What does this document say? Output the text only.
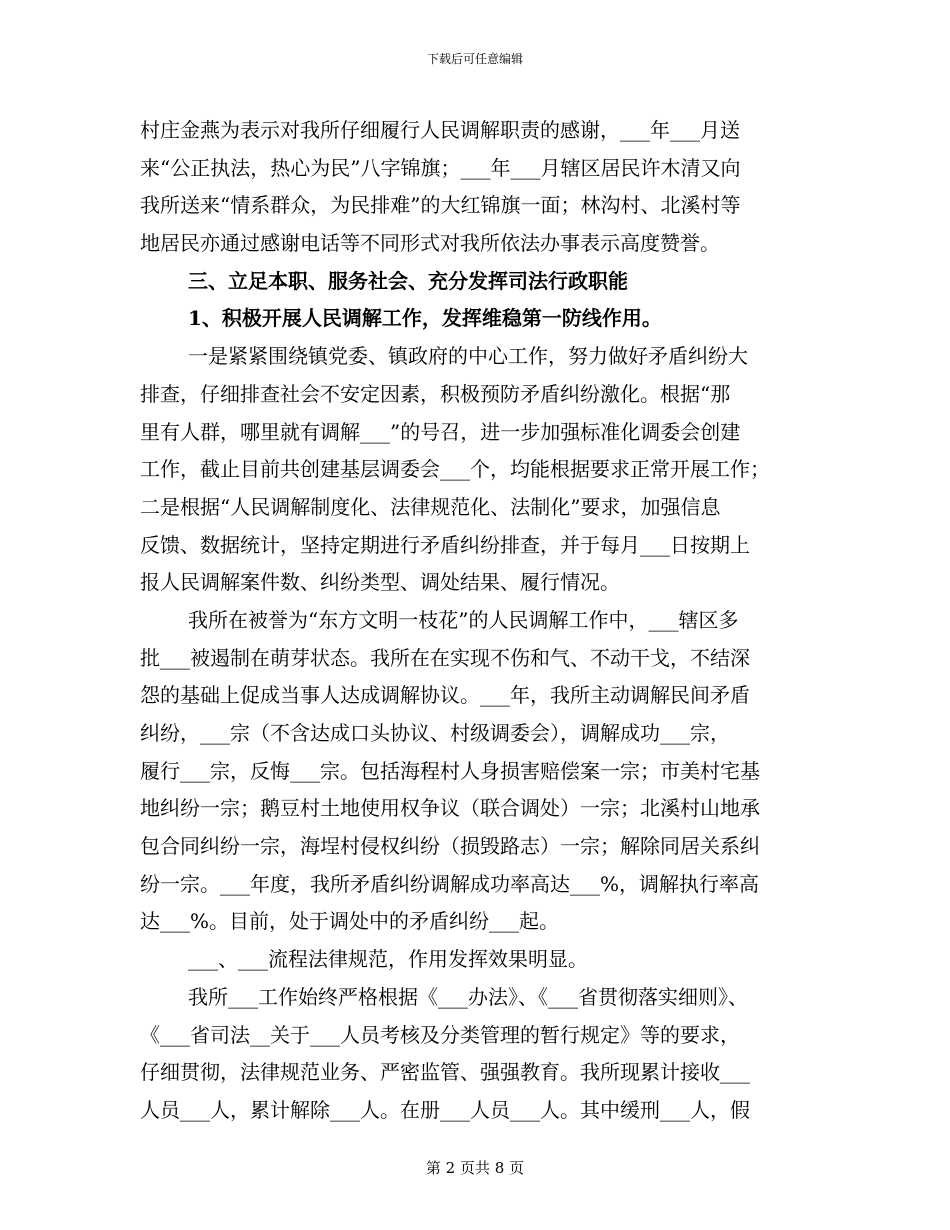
下载后可任意编辑
村庄金燕为表示对我所仔细履行人民调解职责的感谢，___年___月送
来“公正执法，热心为民”八字锦旗；___年___月辖区居民许木清又向
我所送来“情系群众，为民排难”的大红锦旗一面；林沟村、北溪村等
地居民亦通过感谢电话等不同形式对我所依法办事表示高度赞誉。
三、立足本职、服务社会、充分发挥司法行政职能
1、积极开展人民调解工作，发挥维稳第一防线作用。
一是紧紧围绕镇党委、镇政府的中心工作，努力做好矛盾纠纷大
排查，仔细排查社会不安定因素，积极预防矛盾纠纷激化。根据“那
里有人群，哪里就有调解___”的号召，进一步加强标准化调委会创建
工作，截止目前共创建基层调委会___个，均能根据要求正常开展工作；
二是根据“人民调解制度化、法律规范化、法制化”要求，加强信息
反馈、数据统计，坚持定期进行矛盾纠纷排查，并于每月___日按期上
报人民调解案件数、纠纷类型、调处结果、履行情况。
我所在被誉为“东方文明一枝花”的人民调解工作中，___辖区多
批___被遏制在萌芽状态。我所在在实现不伤和气、不动干戈，不结深
怨的基础上促成当事人达成调解协议。___年，我所主动调解民间矛盾
纠纷，___宗（不含达成口头协议、村级调委会），调解成功___宗，
履行___宗，反悔___宗。包括海程村人身损害赔偿案一宗；市美村宅基
地纠纷一宗；鹅豆村土地使用权争议（联合调处）一宗；北溪村山地承
包合同纠纷一宗，海埕村侵权纠纷（损毁路志）一宗；解除同居关系纠
纷一宗。___年度，我所矛盾纠纷调解成功率高达___%，调解执行率高
达___%。目前，处于调处中的矛盾纠纷___起。
___、___流程法律规范，作用发挥效果明显。
我所___工作始终严格根据《___办法》、《___省贯彻落实细则》、
《___省司法__关于___人员考核及分类管理的暂行规定》等的要求，
仔细贯彻，法律规范业务、严密监管、强强教育。我所现累计接收___
人员___人，累计解除___人。在册___人员___人。其中缓刑___人，假
第 2 页共 8 页
